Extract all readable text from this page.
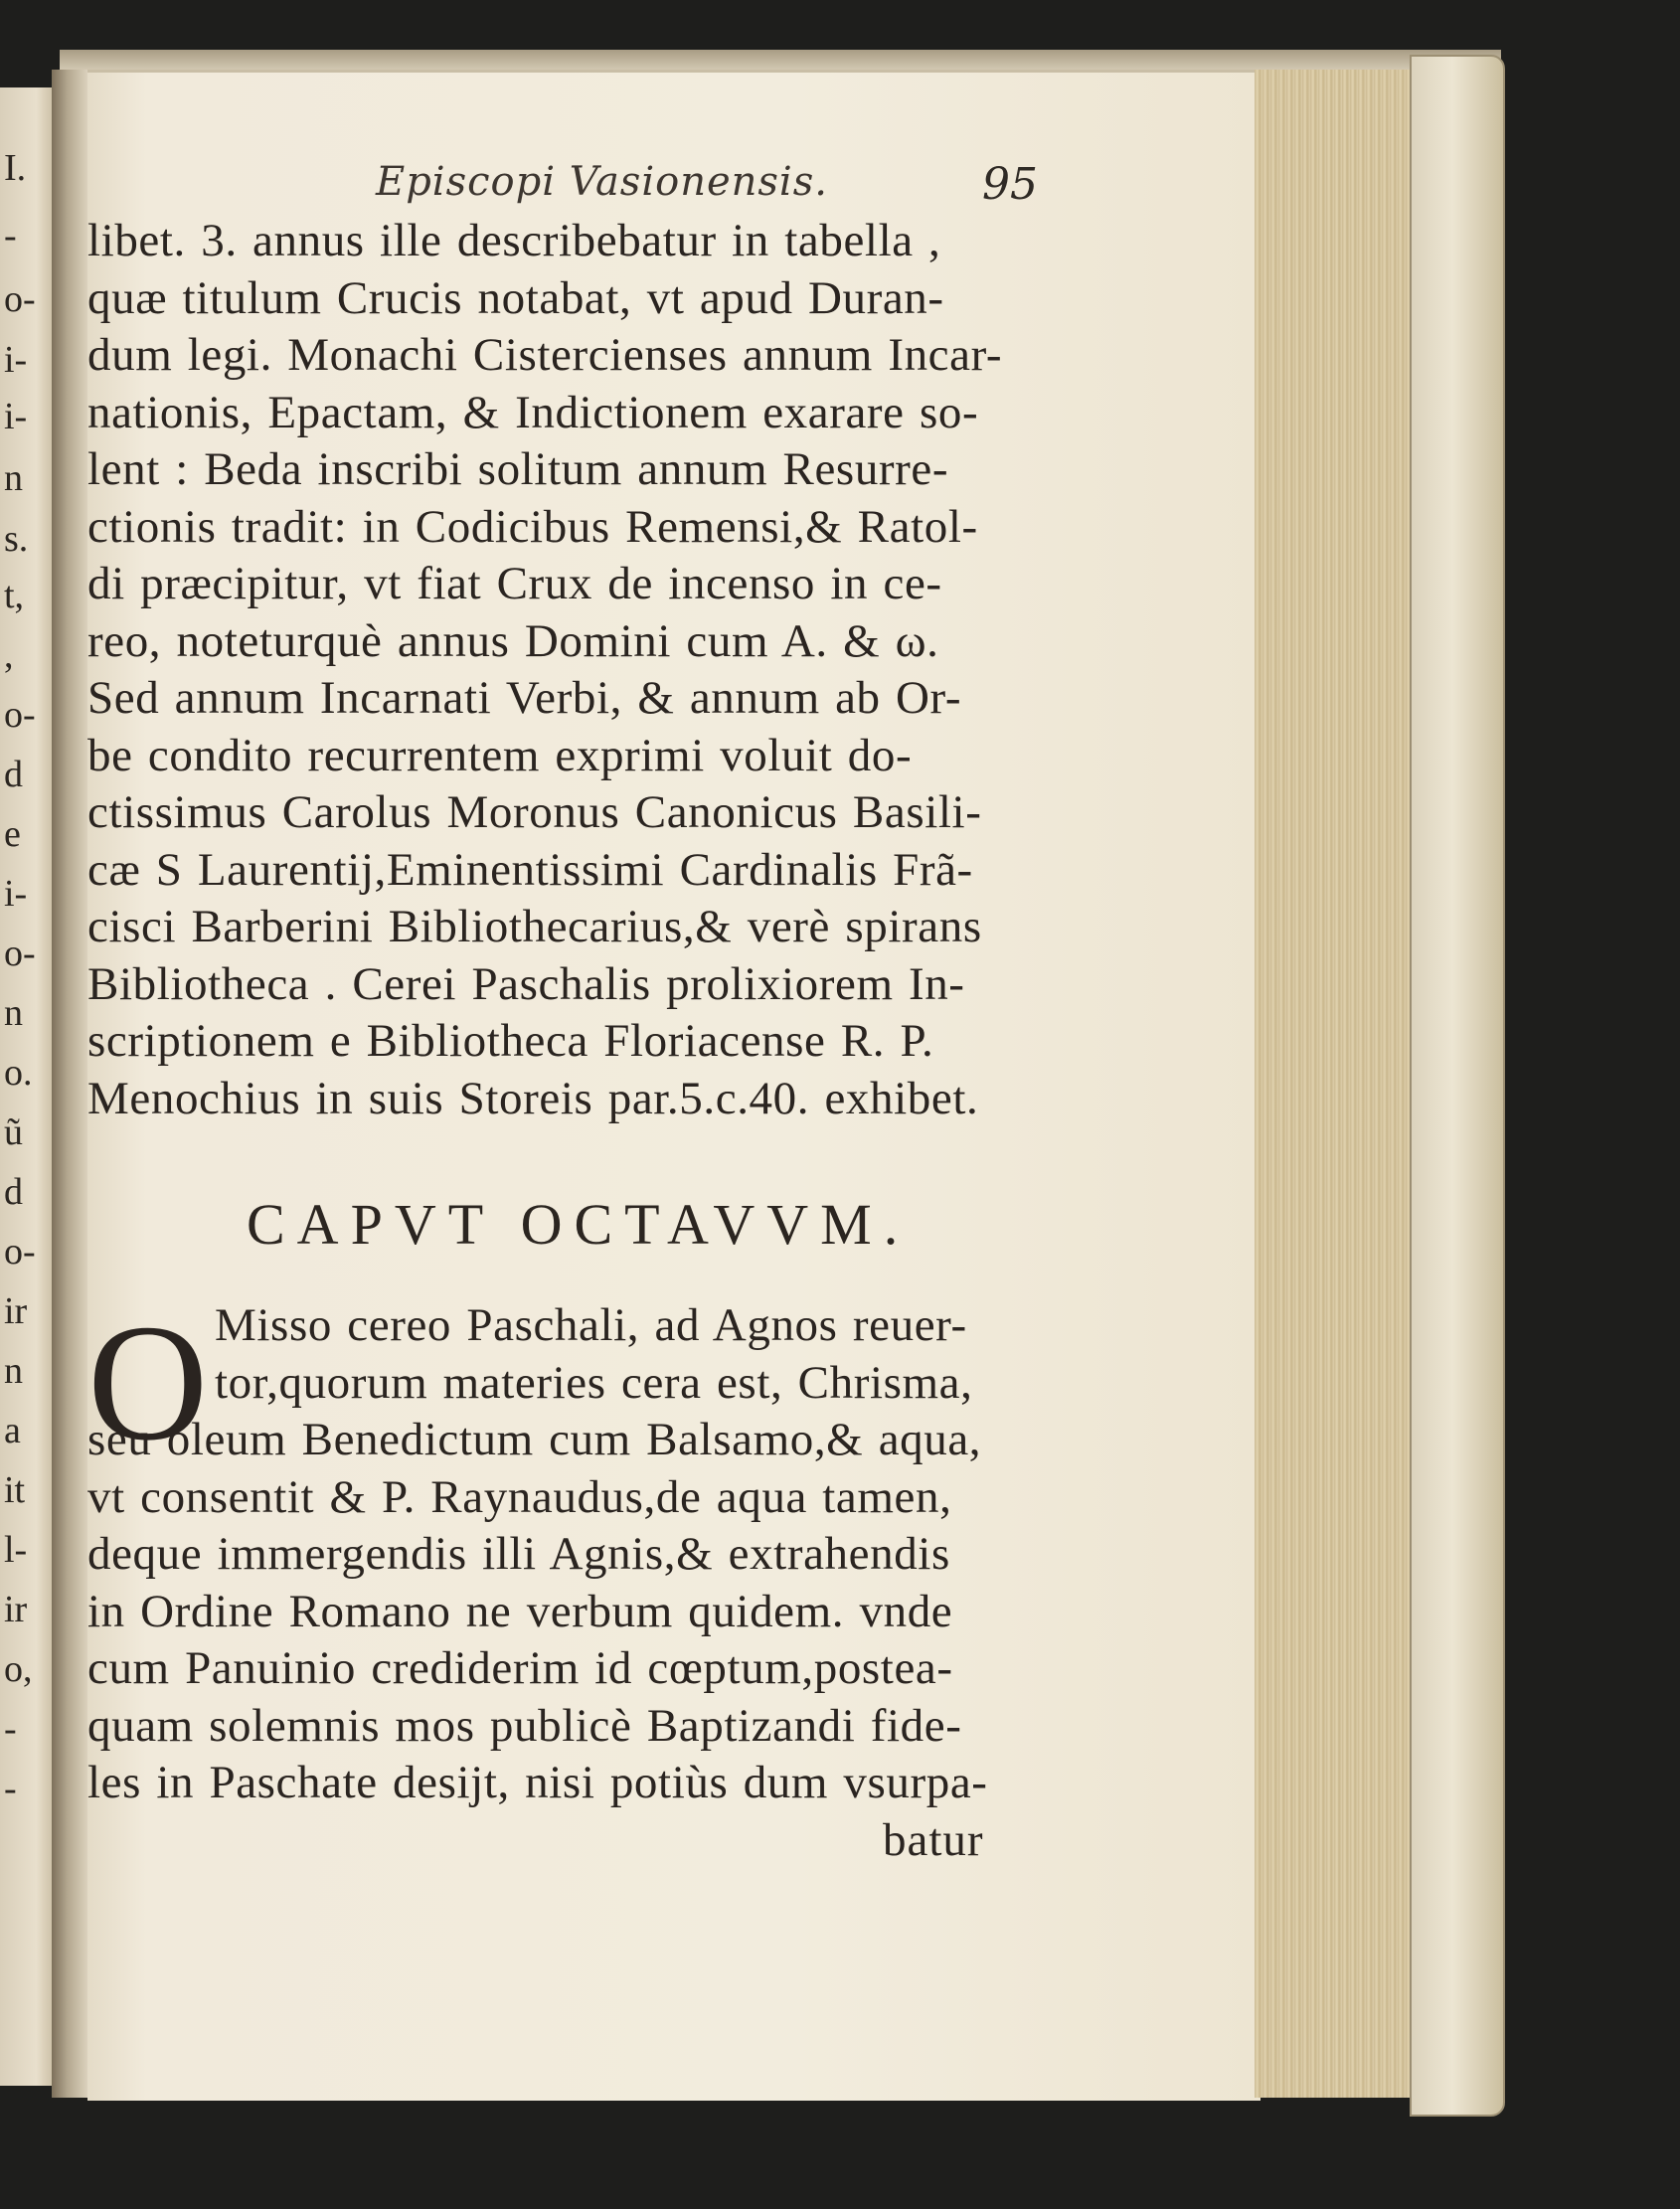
I.
-
o-
i-
i-
n
s.
t,
,
o-
d
e
i-
o-
n
o.
ũ
d
o-
ir
n
a
it
l-
ir
o,
-
-
Episcopi Vasionensis.	95
libet. 3. annus ille describebatur in tabella ,
quæ titulum Crucis notabat, vt apud Duran-
dum legi. Monachi Cistercienses annum Incar-
nationis, Epactam, & Indictionem exarare so-
lent : Beda inscribi solitum annum Resurre-
ctionis tradit: in Codicibus Remensi,& Ratol-
di præcipitur, vt fiat Crux de incenso in ce-
reo, noteturquè annus Domini cum A. & ω.
Sed annum Incarnati Verbi, & annum ab Or-
be condito recurrentem exprimi voluit do-
ctissimus Carolus Moronus Canonicus Basili-
cæ S Laurentij,Eminentissimi Cardinalis Frã-
cisci Barberini Bibliothecarius,& verè spirans
Bibliotheca . Cerei Paschalis prolixiorem In-
scriptionem e Bibliotheca Floriacense R. P.
Menochius in suis Storeis par.5.c.40. exhibet.
CAPVT OCTAVVM.
O Misso cereo Paschali, ad Agnos reuer-
tor,quorum materies cera est, Chrisma,
seu oleum Benedictum cum Balsamo,& aqua,
vt consentit & P. Raynaudus,de aqua tamen,
deque immergendis illi Agnis,& extrahendis
in Ordine Romano ne verbum quidem. vnde
cum Panuinio crediderim id cœptum,postea-
quam solemnis mos publicè Baptizandi fide-
les in Paschate desijt, nisi potiùs dum vsurpa-
batur
